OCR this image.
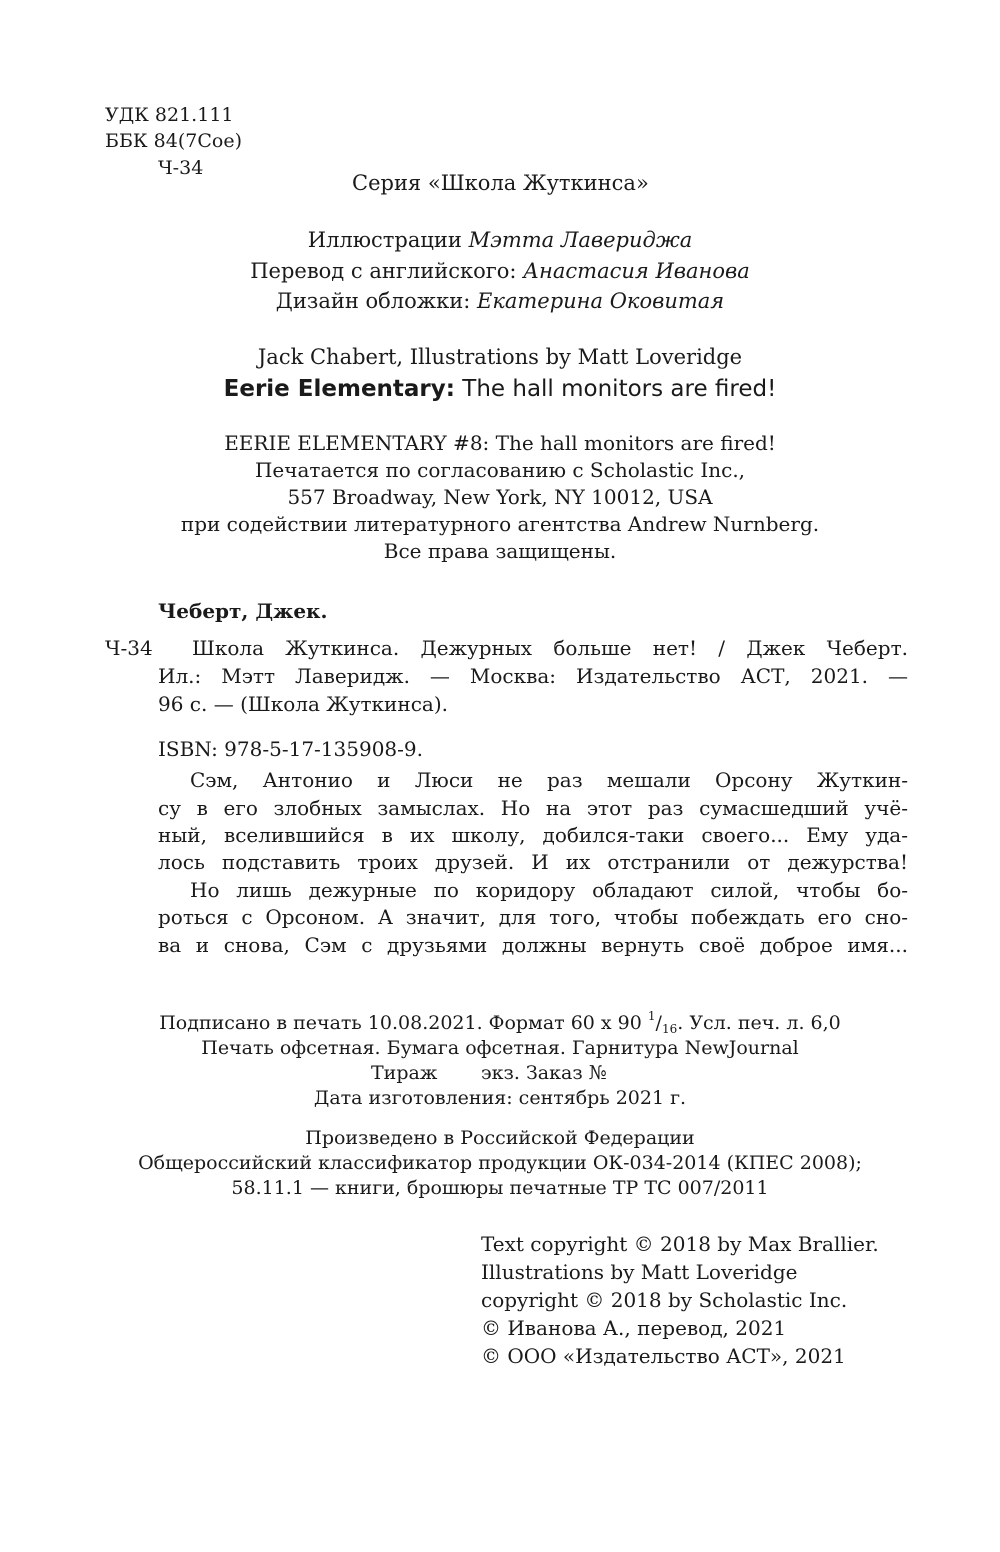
УДК 821.111
ББК 84(7Сое)
Ч-34
Серия «Школа Жуткинса»
Иллюстрации Мэтта Лавериджа
Перевод с английского: Анастасия Иванова
Дизайн обложки: Екатерина Оковитая
Jack Chabert, Illustrations by Matt Loveridge
Eerie Elementary: The hall monitors are fired!
EERIE ELEMENTARY #8: The hall monitors are fired!
Печатается по согласованию с Scholastic Inc.,
557 Broadway, New York, NY 10012, USA
при содействии литературного агентства Andrew Nurnberg.
Все права защищены.
Чеберт, Джек.
Ч-34 Школа Жуткинса. Дежурных больше нет! / Джек Чеберт.
Ил.: Мэтт Лаверидж. — Москва: Издательство АСТ, 2021. —
96 с. — (Школа Жуткинса).
ISBN: 978-5-17-135908-9.
Сэм, Антонио и Люси не раз мешали Орсону Жуткин-
су в его злобных замыслах. Но на этот раз сумасшедший учё-
ный, вселившийся в их школу, добился-таки своего... Ему уда-
лось подставить троих друзей. И их отстранили от дежурства!
Но лишь дежурные по коридору обладают силой, чтобы бо-
роться с Орсоном. А значит, для того, чтобы побеждать его сно-
ва и снова, Сэм с друзьями должны вернуть своё доброе имя...
Подписано в печать 10.08.2021. Формат 60 x 90 $^1/_{16}$. Усл. печ. л. 6,0
Печать офсетная. Бумага офсетная. Гарнитура NewJournal
Тираж экз. Заказ №
Дата изготовления: сентябрь 2021 г.
Произведено в Российской Федерации
Общероссийский классификатор продукции ОК-034-2014 (КПЕС 2008);
58.11.1 — книги, брошюры печатные ТР ТС 007/2011
Text copyright © 2018 by Max Brallier.
Illustrations by Matt Loveridge
copyright © 2018 by Scholastic Inc.
© Иванова А., перевод, 2021
© ООО «Издательство АСТ», 2021
